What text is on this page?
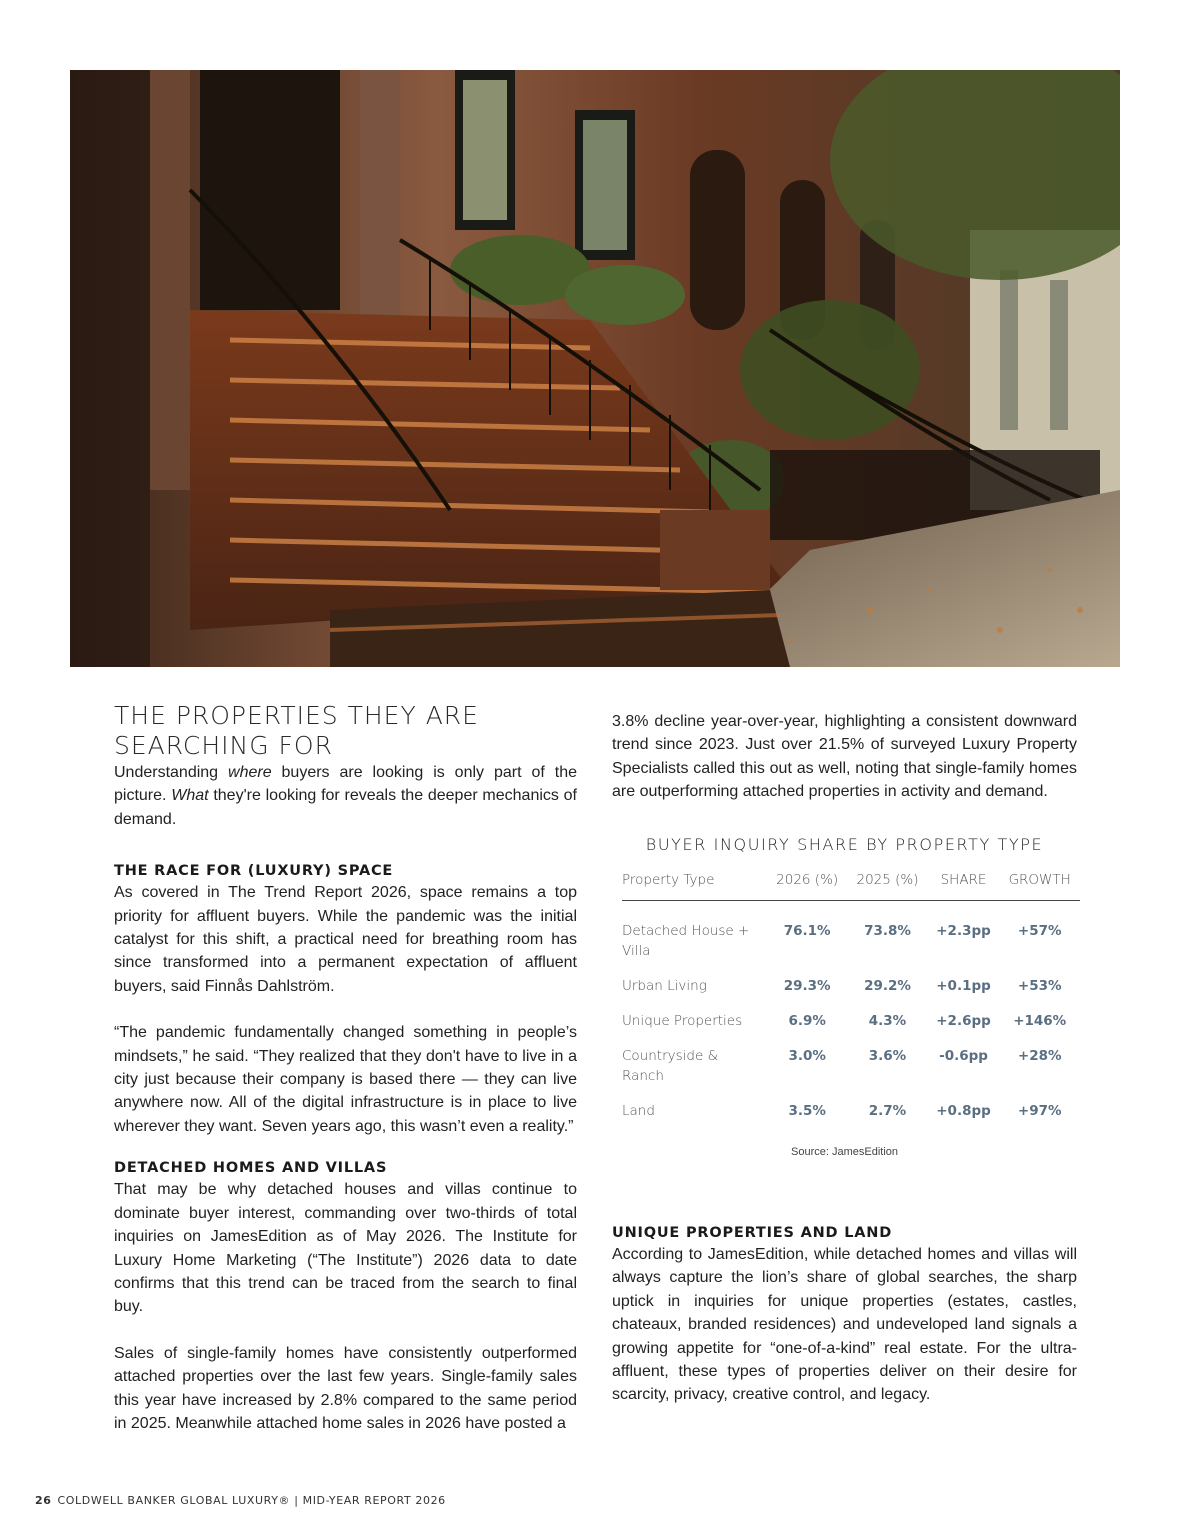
THE PROPERTIES THEY ARE
SEARCHING FOR

Understanding where buyers are looking is only part of the picture. What they're looking for reveals the deeper mechanics of demand.

THE RACE FOR (LUXURY) SPACE

As covered in The Trend Report 2026, space remains a top priority for affluent buyers. While the pandemic was the initial catalyst for this shift, a practical need for breathing room has since transformed into a permanent expectation of affluent buyers, said Finnås Dahlström.

“The pandemic fundamentally changed something in people’s mindsets,” he said. “They realized that they don't have to live in a city just because their company is based there — they can live anywhere now. All of the digital infrastructure is in place to live wherever they want. Seven years ago, this wasn’t even a reality.”

DETACHED HOMES AND VILLAS

That may be why detached houses and villas continue to dominate buyer interest, commanding over two-thirds of total inquiries on JamesEdition as of May 2026. The Institute for Luxury Home Marketing (“The Institute”) 2026 data to date confirms that this trend can be traced from the search to final buy.

Sales of single-family homes have consistently outperformed attached properties over the last few years. Single-family sales this year have increased by 2.8% compared to the same period in 2025. Meanwhile attached home sales in 2026 have posted a

3.8% decline year-over-year, highlighting a consistent downward trend since 2023. Just over 21.5% of surveyed Luxury Property Specialists called this out as well, noting that single-family homes are outperforming attached properties in activity and demand.

BUYER INQUIRY SHARE BY PROPERTY TYPE
Property Type	2026 (%)	2025 (%)	SHARE	GROWTH
Detached House + Villa	76.1%	73.8%	+2.3pp	+57%
Urban Living	29.3%	29.2%	+0.1pp	+53%
Unique Properties	6.9%	4.3%	+2.6pp	+146%
Countryside & Ranch	3.0%	3.6%	-0.6pp	+28%
Land	3.5%	2.7%	+0.8pp	+97%
Source: JamesEdition
UNIQUE PROPERTIES AND LAND

According to JamesEdition, while detached homes and villas will always capture the lion’s share of global searches, the sharp uptick in inquiries for unique properties (estates, castles, chateaux, branded residences) and undeveloped land signals a growing appetite for “one-of-a-kind” real estate. For the ultra-affluent, these types of properties deliver on their desire for scarcity, privacy, creative control, and legacy.

26 COLDWELL BANKER GLOBAL LUXURY® | MID-YEAR REPORT 2026
